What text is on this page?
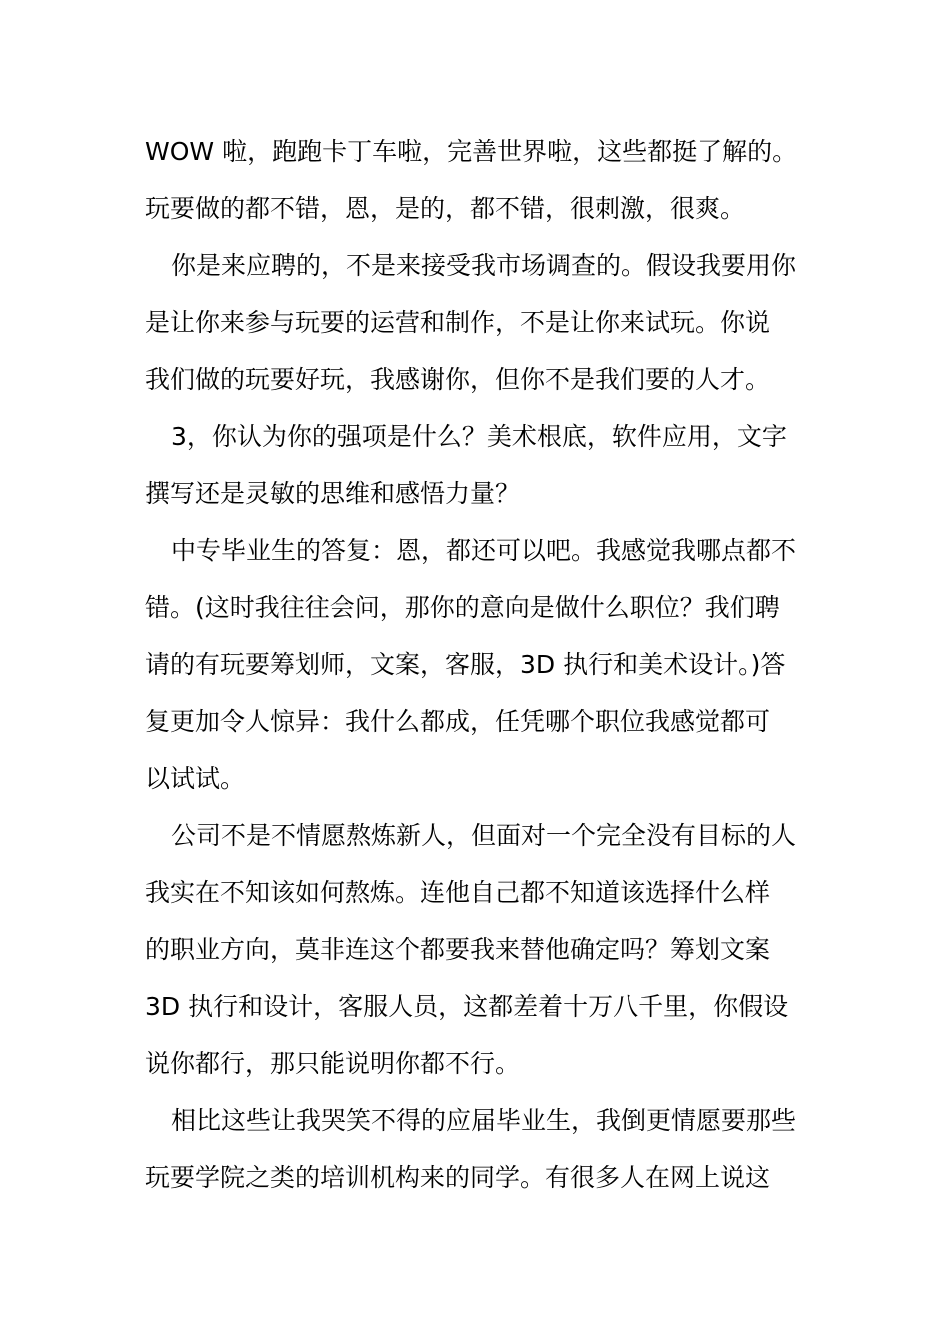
WOW 啦，跑跑卡丁车啦，完善世界啦，这些都挺了解的。
玩要做的都不错，恩，是的，都不错，很刺激，很爽。
你是来应聘的，不是来接受我市场调查的。假设我要用你
是让你来参与玩要的运营和制作，不是让你来试玩。你说
我们做的玩要好玩，我感谢你，但你不是我们要的人才。
3，你认为你的强项是什么？美术根底，软件应用，文字
撰写还是灵敏的思维和感悟力量？
中专毕业生的答复：恩，都还可以吧。我感觉我哪点都不
错。(这时我往往会问，那你的意向是做什么职位？我们聘
请的有玩要筹划师，文案，客服，3D 执行和美术设计。)答
复更加令人惊异：我什么都成，任凭哪个职位我感觉都可
以试试。
公司不是不情愿熬炼新人，但面对一个完全没有目标的人
我实在不知该如何熬炼。连他自己都不知道该选择什么样
的职业方向，莫非连这个都要我来替他确定吗？筹划文案
3D 执行和设计，客服人员，这都差着十万八千里，你假设
说你都行，那只能说明你都不行。
相比这些让我哭笑不得的应届毕业生，我倒更情愿要那些
玩要学院之类的培训机构来的同学。有很多人在网上说这
